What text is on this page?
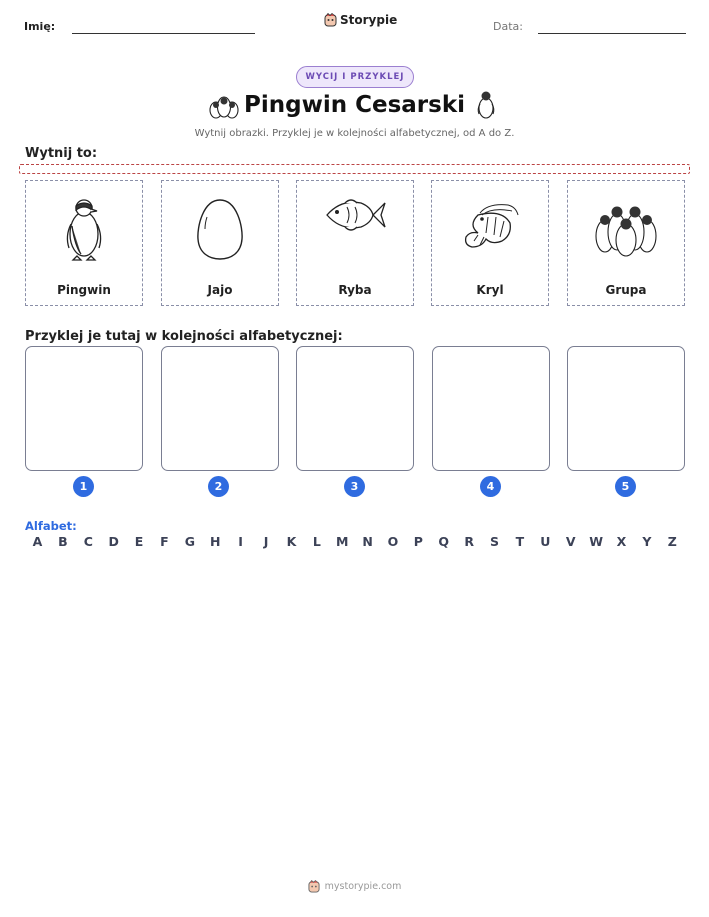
Imię:	Storypie	Data:
WYCIJ I PRZYKLEJ
Pingwin Cesarski
Wytnij obrazki. Przyklej je w kolejności alfabetycznej, od A do Z.
Wytnij to:
Pingwin	Jajo	Ryba	Kryl	Grupa
Przyklej je tutaj w kolejności alfabetycznej:
1	2	3	4	5
Alfabet:
A	B	C	D	E	F	G	H	I	J	K	L	M	N	O	P	Q	R	S	T	U	V	W	X	Y	Z
mystorypie.com
